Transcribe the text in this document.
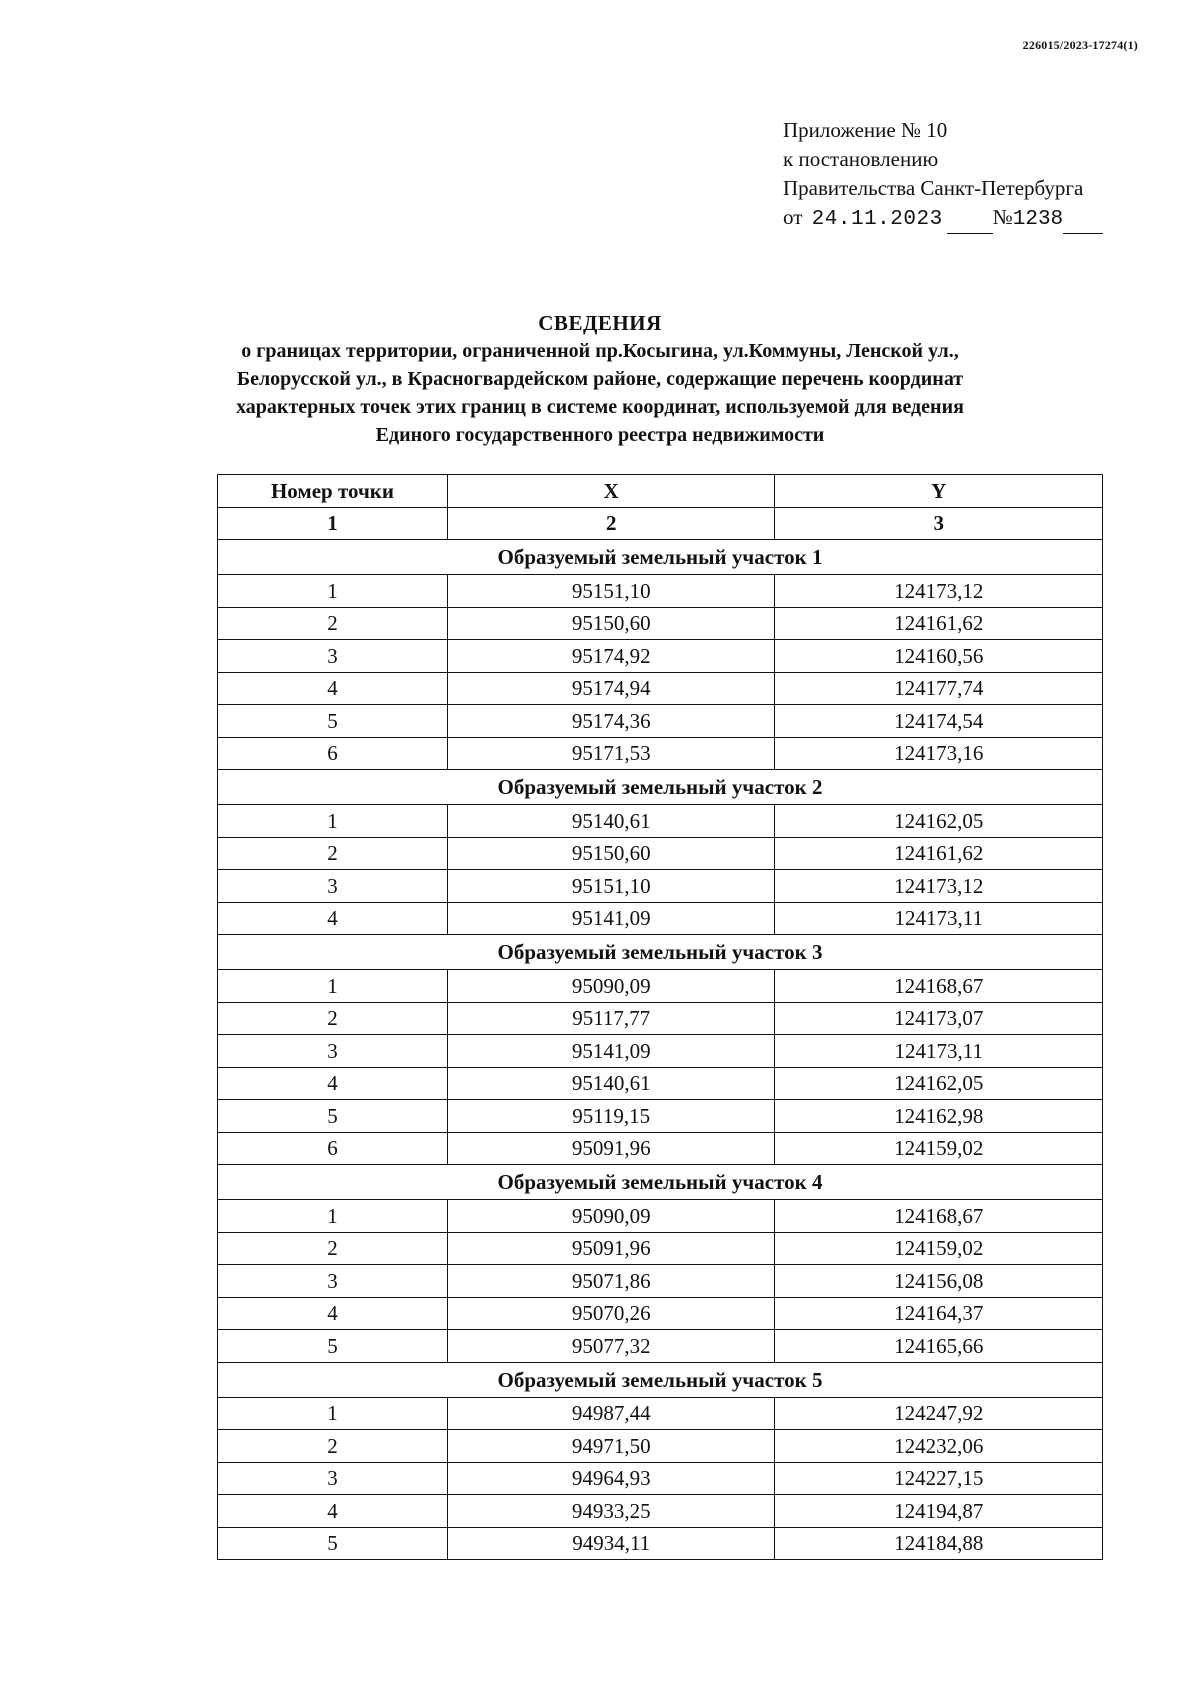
226015/2023-17274(1)
Приложение № 10
к постановлению
Правительства Санкт-Петербурга
от 24.11.2023 №1238
СВЕДЕНИЯ
о границах территории, ограниченной пр.Косыгина, ул.Коммуны, Ленской ул.,
Белорусской ул., в Красногвардейском районе, содержащие перечень координат
характерных точек этих границ в системе координат, используемой для ведения
Единого государственного реестра недвижимости
Номер точки	X	Y
1	2	3
Образуемый земельный участок 1		
1	95151,10	124173,12
2	95150,60	124161,62
3	95174,92	124160,56
4	95174,94	124177,74
5	95174,36	124174,54
6	95171,53	124173,16
Образуемый земельный участок 2		
1	95140,61	124162,05
2	95150,60	124161,62
3	95151,10	124173,12
4	95141,09	124173,11
Образуемый земельный участок 3		
1	95090,09	124168,67
2	95117,77	124173,07
3	95141,09	124173,11
4	95140,61	124162,05
5	95119,15	124162,98
6	95091,96	124159,02
Образуемый земельный участок 4		
1	95090,09	124168,67
2	95091,96	124159,02
3	95071,86	124156,08
4	95070,26	124164,37
5	95077,32	124165,66
Образуемый земельный участок 5		
1	94987,44	124247,92
2	94971,50	124232,06
3	94964,93	124227,15
4	94933,25	124194,87
5	94934,11	124184,88
